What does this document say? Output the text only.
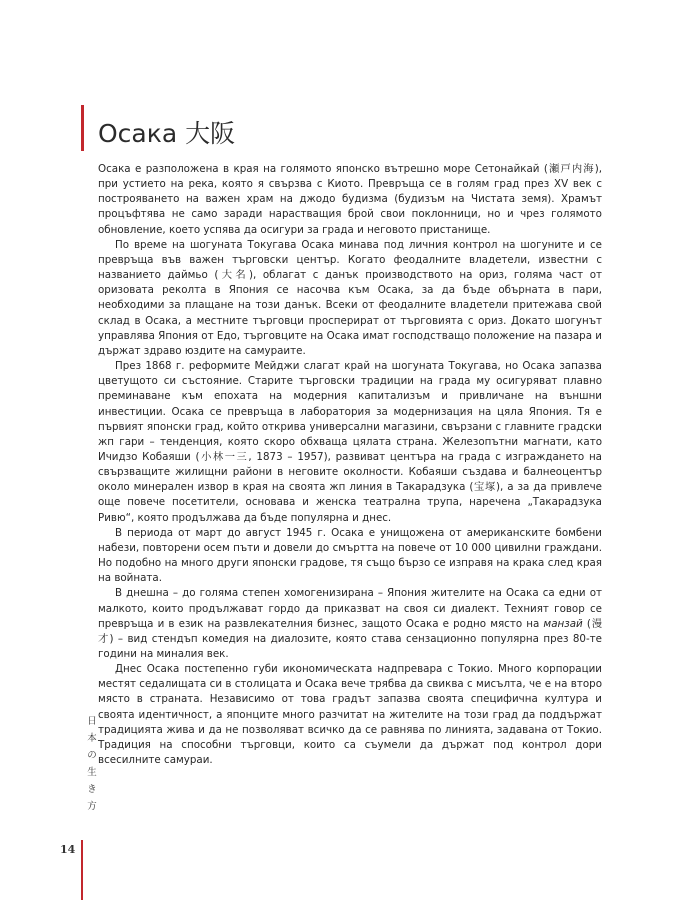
Осака 大阪

Осака е разположена в края на голямото японско вътрешно море Сетонайкай (瀬戸内海), при устието на река, която я свързва с Киото. Превръща се в голям град през XV век с построяването на важен храм на джодо будизма (будизъм на Чистата земя). Храмът процъфтява не само заради нарастващия брой свои поклонници, но и чрез голямото обновление, което успява да осигури за града и неговото пристанище.

По време на шогуната Токугава Осака минава под личния контрол на шогуните и се превръща във важен търговски център. Когато феодалните владетели, известни с названието даймьо (大名), облагат с данък производството на ориз, голяма част от оризовата реколта в Япония се насочва към Осака, за да бъде обърната в пари, необходими за плащане на този данък. Всеки от феодалните владетели притежава свой склад в Осака, а местните търговци просперират от търговията с ориз. Докато шогунът управлява Япония от Едо, търговците на Осака имат господстващо положение на пазара и държат здраво юздите на самураите.

През 1868 г. реформите Мейджи слагат край на шогуната Токугава, но Осака запазва цветущото си състояние. Старите търговски традиции на града му осигуряват плавно преминаване към епохата на модерния капитализъм и привличане на външни инвестиции. Осака се превръща в лаборатория за модернизация на цяла Япония. Тя е първият японски град, който открива универсални магазини, свързани с главните градски жп гари – тенденция, която скоро обхваща цялата страна. Железопътни магнати, като Ичидзо Кобаяши (小林一三, 1873 – 1957), развиват центъра на града с изграждането на свързващите жилищни райони в неговите околности. Кобаяши създава и балнеоцентър около минерален извор в края на своята жп линия в Такарадзука (宝塚), а за да привлече още повече посетители, основава и женска театрална трупа, наречена „Такарадзука Ривю“, която продължава да бъде популярна и днес.

В периода от март до август 1945 г. Осака е унищожена от американските бомбени набези, повторени осем пъти и довели до смъртта на повече от 10 000 цивилни граждани. Но подобно на много други японски градове, тя също бързо се изправя на крака след края на войната.

В днешна – до голяма степен хомогенизирана – Япония жителите на Осака са едни от малкото, които продължават гордо да приказват на своя си диалект. Техният говор се превръща и в език на развлекателния бизнес, защото Осака е родно място на манзай (漫才) – вид стендъп комедия на диалозите, която става сензационно популярна през 80-те години на миналия век.

Днес Осака постепенно губи икономическата надпревара с Токио. Много корпорации местят седалищата си в столицата и Осака вече трябва да свиква с мисълта, че е на второ място в страната. Независимо от това градът запазва своята специфична култура и своята идентичност, а японците много разчитат на жителите на този град да поддържат традицията жива и да не позволяват всичко да се равнява по линията, задавана от Токио. Традиция на способни търговци, които са съумели да държат под контрол дори всесилните самураи.

日
本
の
生
き
方
14
